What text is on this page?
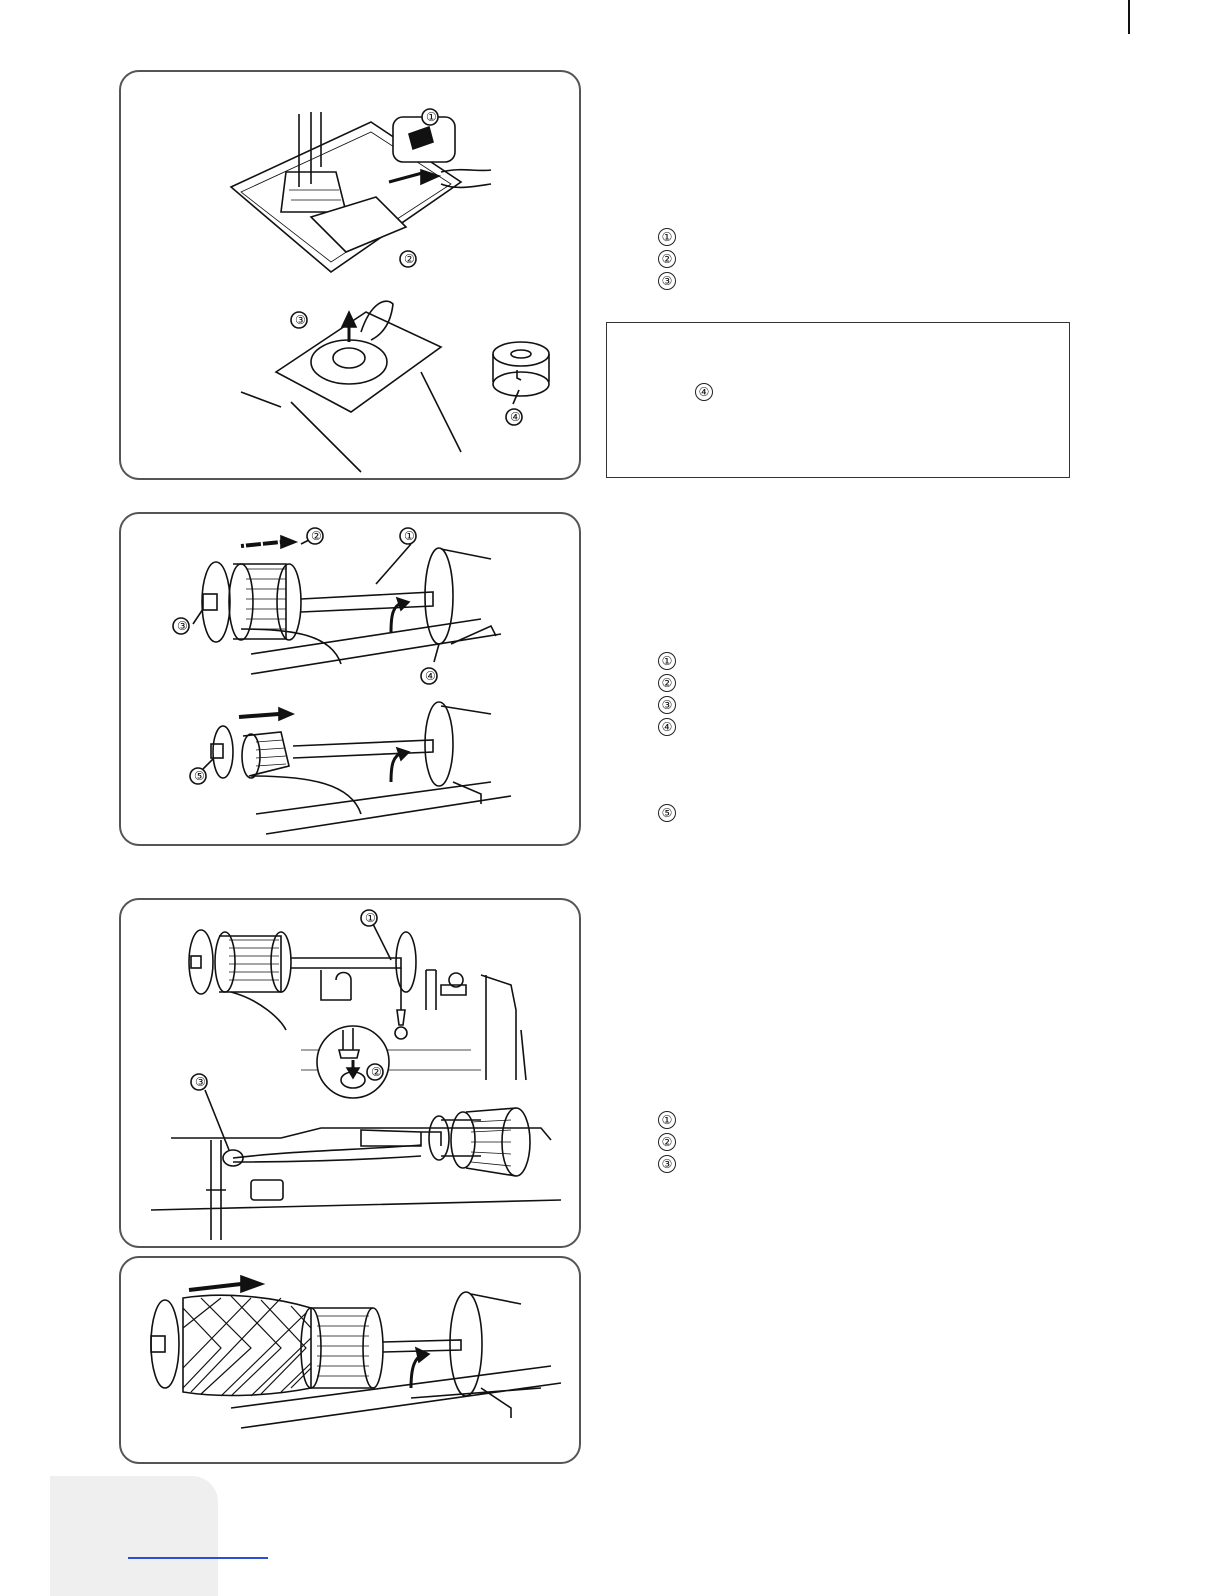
①
②
③
④
①
②
③
④
②	①
③
④
⑤
①
②
③
④
⑤
①
②
③
①
②
③
